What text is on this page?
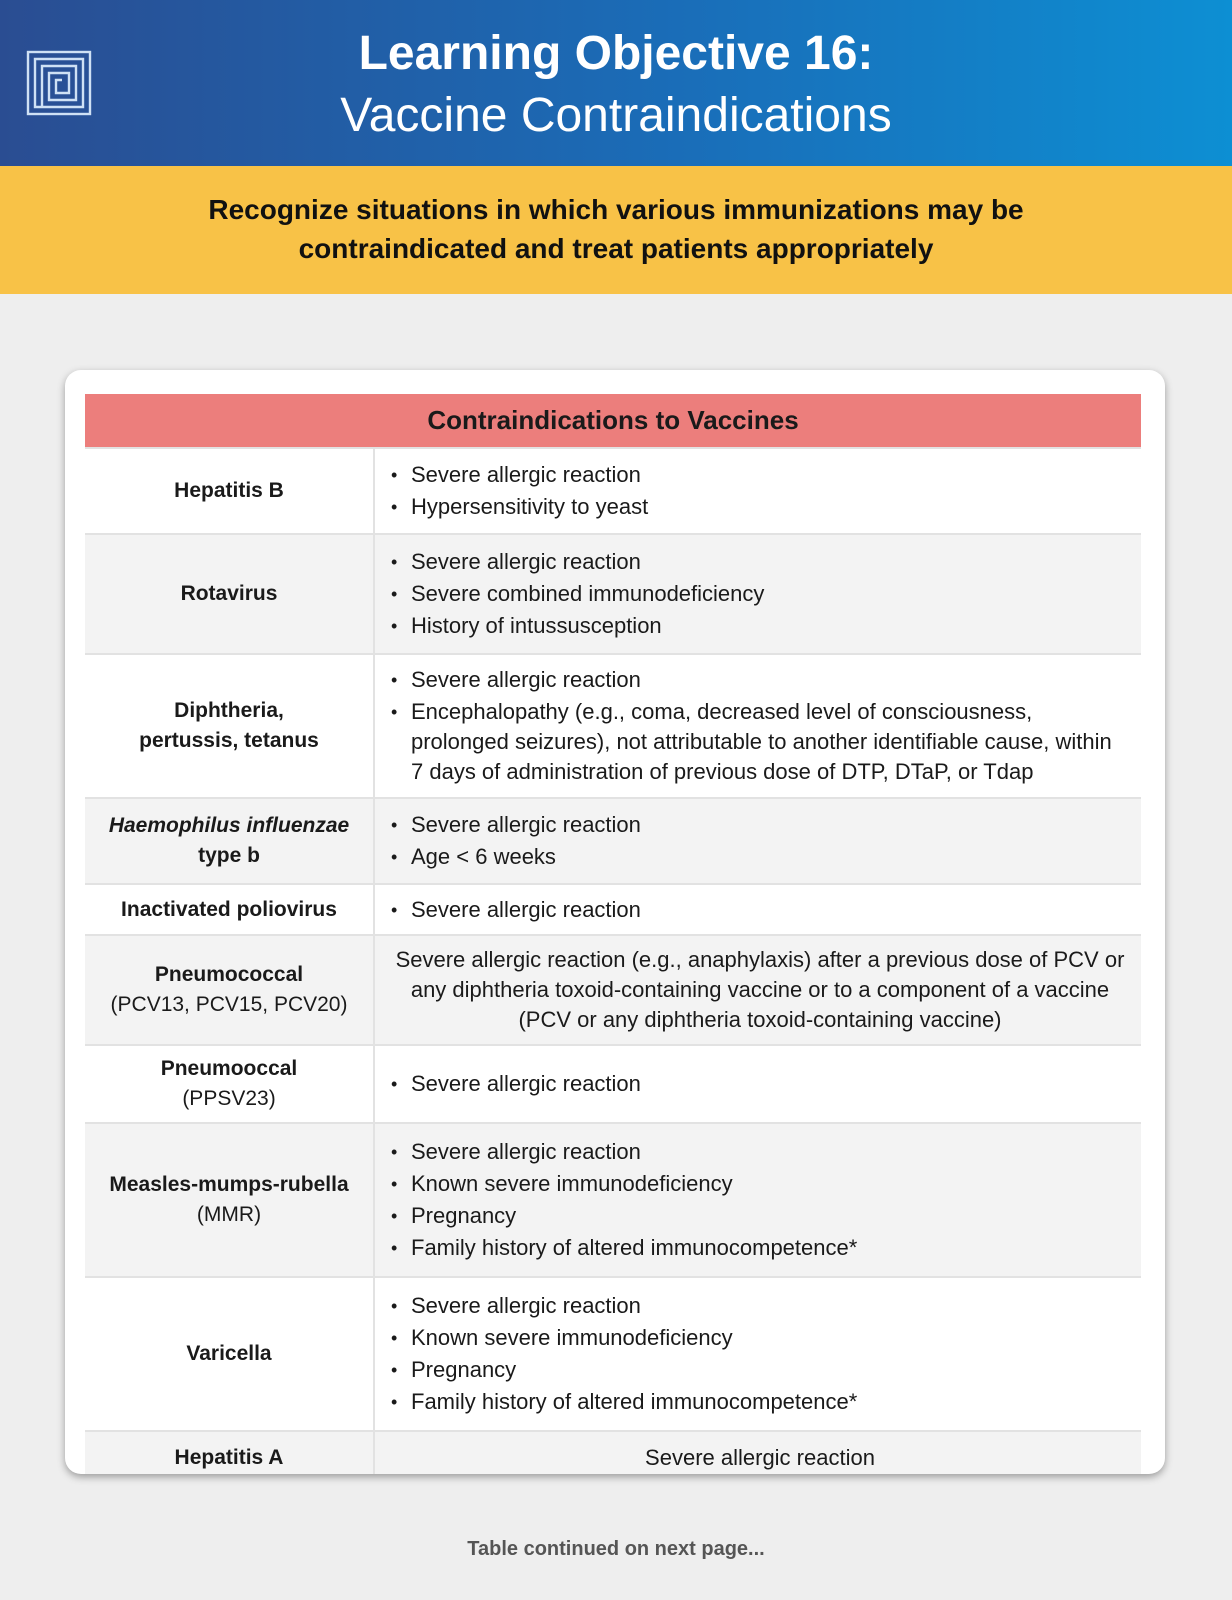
Learning Objective 16:
Vaccine Contraindications
Recognize situations in which various immunizations may be
contraindicated and treat patients appropriately
Contraindications to Vaccines
Hepatitis B
• Severe allergic reaction
• Hypersensitivity to yeast
Rotavirus
• Severe allergic reaction
• Severe combined immunodeficiency
• History of intussusception
Diphtheria,
pertussis, tetanus
• Severe allergic reaction
• Encephalopathy (e.g., coma, decreased level of consciousness, prolonged seizures), not attributable to another identifiable cause, within 7 days of administration of previous dose of DTP, DTaP, or Tdap
Haemophilus influenzae
type b
• Severe allergic reaction
• Age < 6 weeks
Inactivated poliovirus
•	Severe allergic reaction
Pneumococcal
(PCV13, PCV15, PCV20)
Severe allergic reaction (e.g., anaphylaxis) after a previous dose of PCV or any diphtheria toxoid-containing vaccine or to a component of a vaccine (PCV or any diphtheria toxoid-containing vaccine)
Pneumooccal
(PPSV23)
• Severe allergic reaction
Measles-mumps-rubella
(MMR)
• Severe allergic reaction
• Known severe immunodeficiency
• Pregnancy
• Family history of altered immunocompetence*
Varicella
• Severe allergic reaction
• Known severe immunodeficiency
• Pregnancy
• Family history of altered immunocompetence*
Hepatitis A	Severe allergic reaction
Table continued on next page...
